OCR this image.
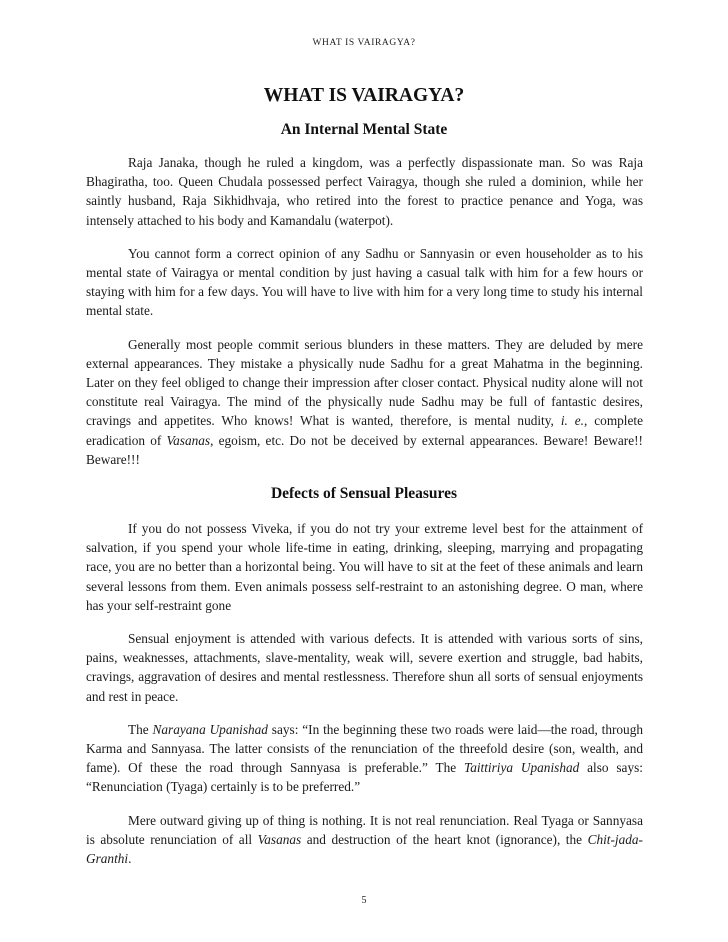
WHAT IS VAIRAGYA?
WHAT IS VAIRAGYA?
An Internal Mental State

Raja Janaka, though he ruled a kingdom, was a perfectly dispassionate man. So was Raja Bhagiratha, too. Queen Chudala possessed perfect Vairagya, though she ruled a dominion, while her saintly husband, Raja Sikhidhvaja, who retired into the forest to practice penance and Yoga, was intensely attached to his body and Kamandalu (waterpot).

You cannot form a correct opinion of any Sadhu or Sannyasin or even householder as to his mental state of Vairagya or mental condition by just having a casual talk with him for a few hours or staying with him for a few days. You will have to live with him for a very long time to study his internal mental state.

Generally most people commit serious blunders in these matters. They are deluded by mere external appearances. They mistake a physically nude Sadhu for a great Mahatma in the beginning. Later on they feel obliged to change their impression after closer contact. Physical nudity alone will not constitute real Vairagya. The mind of the physically nude Sadhu may be full of fantastic desires, cravings and appetites. Who knows! What is wanted, therefore, is mental nudity, i. e., complete eradication of Vasanas, egoism, etc. Do not be deceived by external appearances. Beware! Beware!! Beware!!!

Defects of Sensual Pleasures

If you do not possess Viveka, if you do not try your extreme level best for the attainment of salvation, if you spend your whole life-time in eating, drinking, sleeping, marrying and propagating race, you are no better than a horizontal being. You will have to sit at the feet of these animals and learn several lessons from them. Even animals possess self-restraint to an astonishing degree. O man, where has your self-restraint gone

Sensual enjoyment is attended with various defects. It is attended with various sorts of sins, pains, weaknesses, attachments, slave-mentality, weak will, severe exertion and struggle, bad habits, cravings, aggravation of desires and mental restlessness. Therefore shun all sorts of sensual enjoyments and rest in peace.

The Narayana Upanishad says: “In the beginning these two roads were laid—the road, through Karma and Sannyasa. The latter consists of the renunciation of the threefold desire (son, wealth, and fame). Of these the road through Sannyasa is preferable.” The Taittiriya Upanishad also says: “Renunciation (Tyaga) certainly is to be preferred.”

Mere outward giving up of thing is nothing. It is not real renunciation. Real Tyaga or Sannyasa is absolute renunciation of all Vasanas and destruction of the heart knot (ignorance), the Chit-jada-Granthi.

5
